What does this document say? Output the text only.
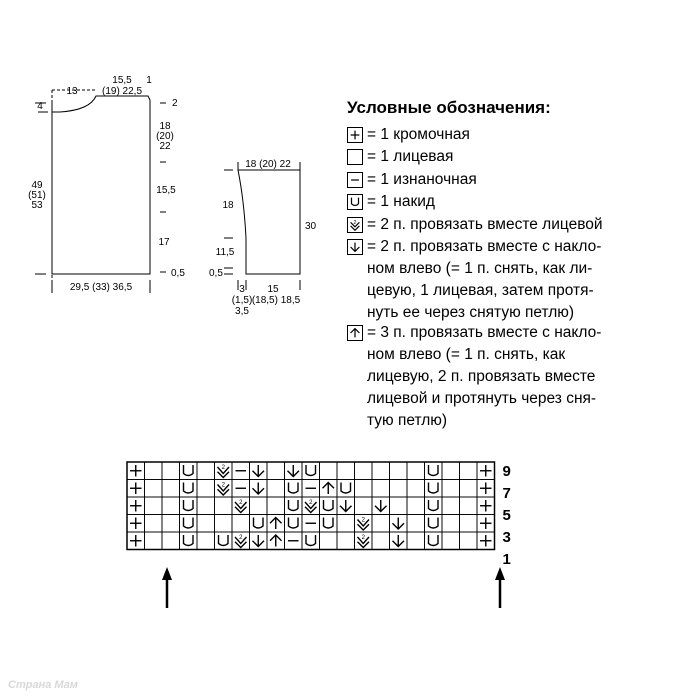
13
15,5
(19) 22,5
1
4	2
18
(20)
22
15,5
17
49
(51)
53
0,5
29,5 (33) 36,5
18 (20) 22
18
30
11,5
0,5
3
(1,5)
3,5
15
(18,5) 18,5
Условные обозначения:
= 1 кромочная
= 1 лицевая
= 1 изнаночная
= 1 накид
2 = 2 п. провязать вместе лицевой
= 2 п. провязать вместе с накло-
ном влево (= 1 п. снять, как ли-
цевую, 1 лицевая, затем протя-
нуть ее через снятую петлю)
= 3 п. провязать вместе с накло-
ном влево (= 1 п. снять, как
лицевую, 2 п. провязать вместе
лицевой и протянуть через сня-
тую петлю)
2
2
2	2
2
2	2
9
7
5
3
1
Страна Мам
